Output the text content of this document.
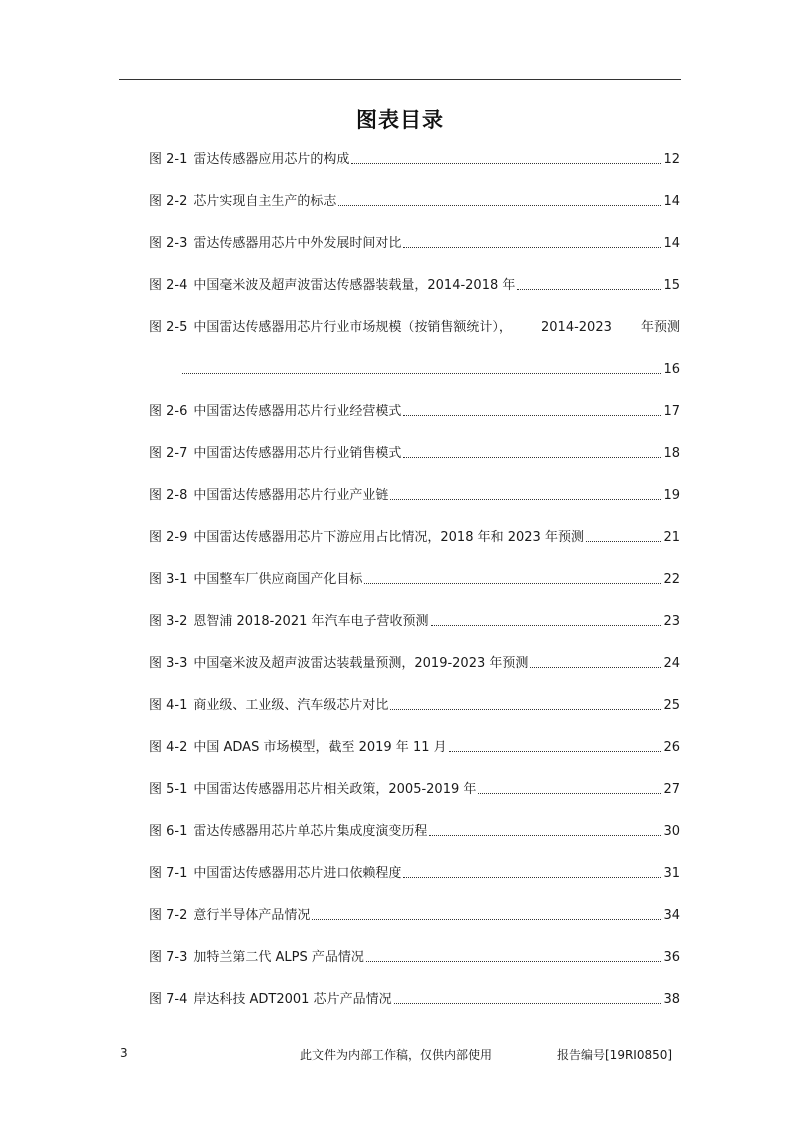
图表目录
图 2-1 雷达传感器应用芯片的构成	12
图 2-2 芯片实现自主生产的标志	14
图 2-3 雷达传感器用芯片中外发展时间对比	14
图 2-4 中国毫米波及超声波雷达传感器装载量，2014-2018 年	15
图 2-5 中国雷达传感器用芯片行业市场规模（按销售额统计）， 2014-2023 年预测
16
图 2-6 中国雷达传感器用芯片行业经营模式	17
图 2-7 中国雷达传感器用芯片行业销售模式	18
图 2-8 中国雷达传感器用芯片行业产业链	19
图 2-9 中国雷达传感器用芯片下游应用占比情况，2018 年和 2023 年预测	21
图 3-1 中国整车厂供应商国产化目标	22
图 3-2 恩智浦 2018-2021 年汽车电子营收预测	23
图 3-3 中国毫米波及超声波雷达装载量预测，2019-2023 年预测	24
图 4-1 商业级、工业级、汽车级芯片对比	25
图 4-2 中国 ADAS 市场模型，截至 2019 年 11 月	26
图 5-1 中国雷达传感器用芯片相关政策，2005-2019 年	27
图 6-1 雷达传感器用芯片单芯片集成度演变历程	30
图 7-1 中国雷达传感器用芯片进口依赖程度	31
图 7-2 意行半导体产品情况	34
图 7-3 加特兰第二代 ALPS 产品情况	36
图 7-4 岸达科技 ADT2001 芯片产品情况	38
3	此文件为内部工作稿，仅供内部使用	报告编号[19RI0850]
